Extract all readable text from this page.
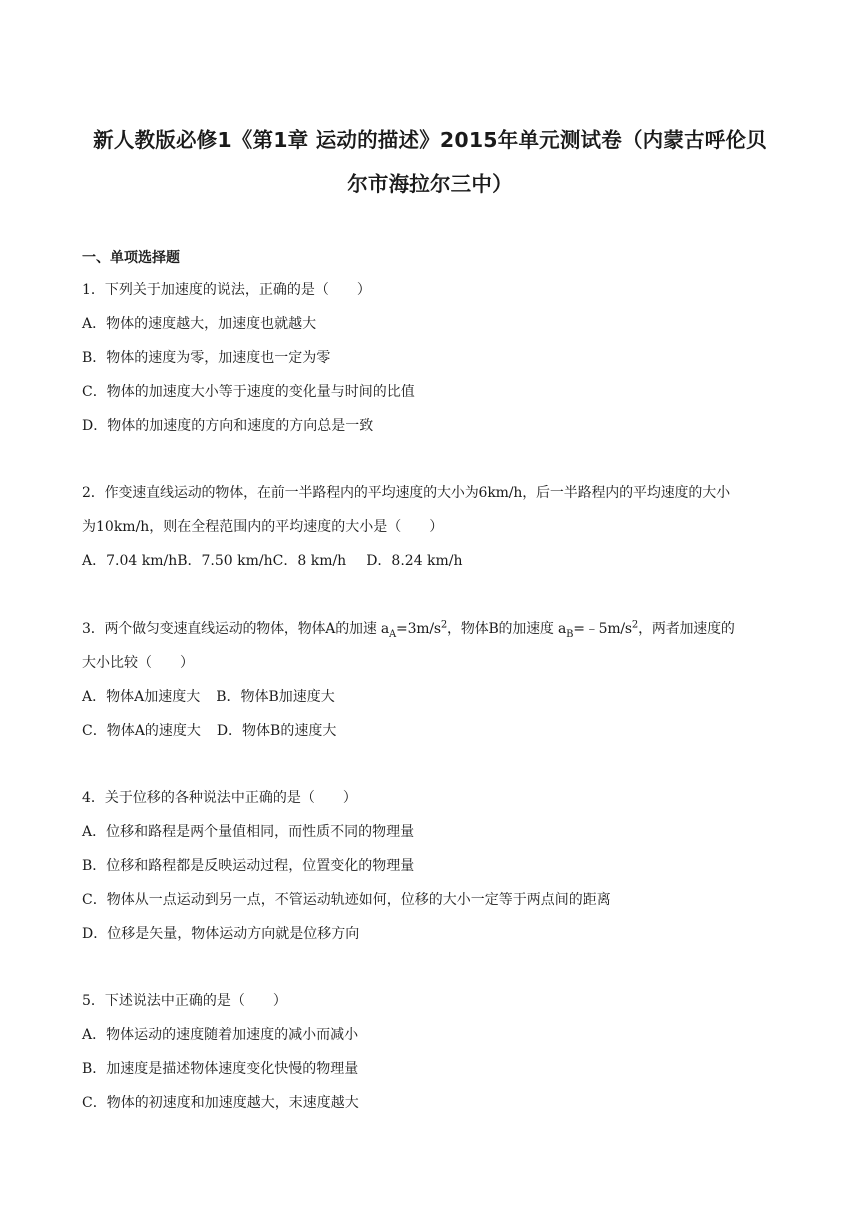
新人教版必修1《第1章 运动的描述》2015年单元测试卷（内蒙古呼伦贝
尔市海拉尔三中）
一、单项选择题
1．下列关于加速度的说法，正确的是（　　）
A．物体的速度越大，加速度也就越大
B．物体的速度为零，加速度也一定为零
C．物体的加速度大小等于速度的变化量与时间的比值
D．物体的加速度的方向和速度的方向总是一致
2．作变速直线运动的物体，在前一半路程内的平均速度的大小为6km/h，后一半路程内的平均速度的大小
为10km/h，则在全程范围内的平均速度的大小是（　　）
A．7.04 km/hB．7.50 km/hC．8 km/h D．8.24 km/h
3．两个做匀变速直线运动的物体，物体A的加速 $a_A=3m/s^2$，物体B的加速度 $a_B=﹣5m/s^2$，两者加速度的
大小比较（　　）
A．物体A加速度大 B．物体B加速度大
C．物体A的速度大 D．物体B的速度大
4．关于位移的各种说法中正确的是（　　）
A．位移和路程是两个量值相同，而性质不同的物理量
B．位移和路程都是反映运动过程，位置变化的物理量
C．物体从一点运动到另一点，不管运动轨迹如何，位移的大小一定等于两点间的距离
D．位移是矢量，物体运动方向就是位移方向
5．下述说法中正确的是（　　）
A．物体运动的速度随着加速度的减小而减小
B．加速度是描述物体速度变化快慢的物理量
C．物体的初速度和加速度越大，末速度越大
